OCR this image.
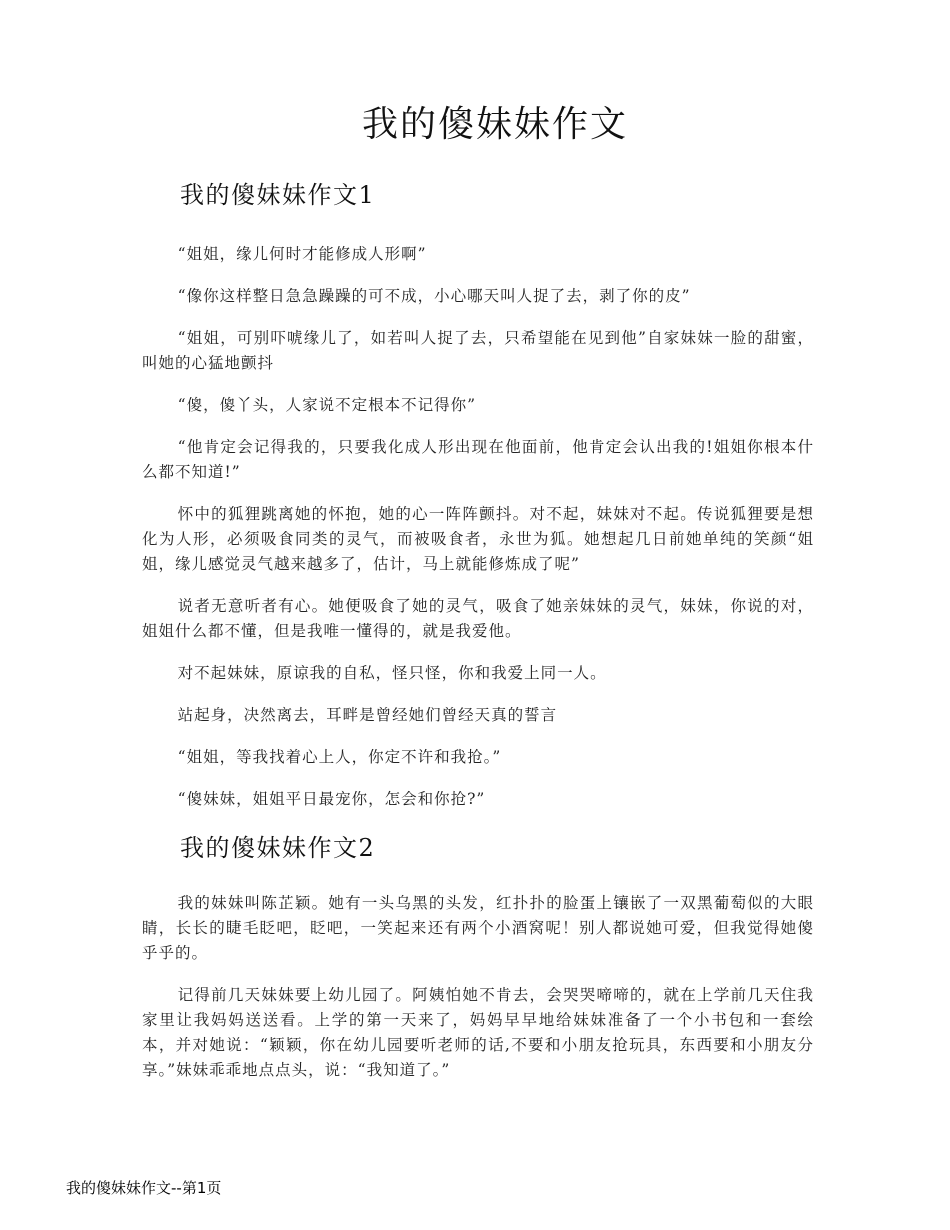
我的傻妹妹作文
我的傻妹妹作文1

“姐姐，缘儿何时才能修成人形啊”

“像你这样整日急急躁躁的可不成，小心哪天叫人捉了去，剥了你的皮”

“姐姐，可别吓唬缘儿了，如若叫人捉了去，只希望能在见到他”自家妹妹一脸的甜蜜，叫她的心猛地颤抖

“傻，傻丫头，人家说不定根本不记得你”

“他肯定会记得我的，只要我化成人形出现在他面前，他肯定会认出我的!姐姐你根本什么都不知道!”

怀中的狐狸跳离她的怀抱，她的心一阵阵颤抖。对不起，妹妹对不起。传说狐狸要是想化为人形，必须吸食同类的灵气，而被吸食者，永世为狐。她想起几日前她单纯的笑颜“姐姐，缘儿感觉灵气越来越多了，估计，马上就能修炼成了呢”

说者无意听者有心。她便吸食了她的灵气，吸食了她亲妹妹的灵气，妹妹，你说的对，姐姐什么都不懂，但是我唯一懂得的，就是我爱他。

对不起妹妹，原谅我的自私，怪只怪，你和我爱上同一人。

站起身，决然离去，耳畔是曾经她们曾经天真的誓言

“姐姐，等我找着心上人，你定不许和我抢。”

“傻妹妹，姐姐平日最宠你，怎会和你抢?”

我的傻妹妹作文2

我的妹妹叫陈芷颖。她有一头乌黑的头发，红扑扑的脸蛋上镶嵌了一双黑葡萄似的大眼睛，长长的睫毛眨吧，眨吧，一笑起来还有两个小酒窝呢！别人都说她可爱，但我觉得她傻乎乎的。

记得前几天妹妹要上幼儿园了。阿姨怕她不肯去，会哭哭啼啼的，就在上学前几天住我家里让我妈妈送送看。上学的第一天来了，妈妈早早地给妹妹准备了一个小书包和一套绘本，并对她说：“颖颖，你在幼儿园要听老师的话,不要和小朋友抢玩具，东西要和小朋友分享。”妹妹乖乖地点点头，说：“我知道了。”

我的傻妹妹作文--第1页
